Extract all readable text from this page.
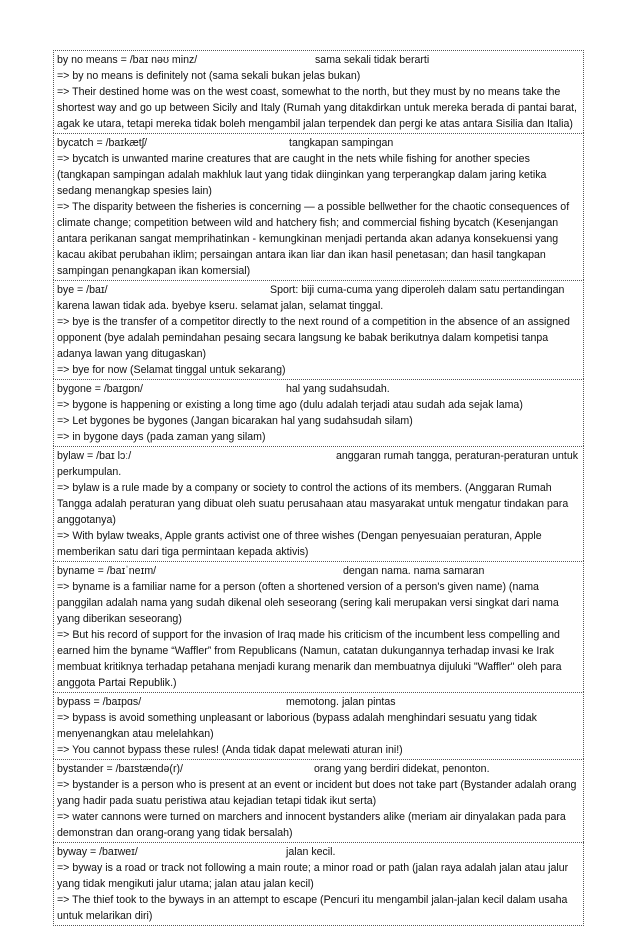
by no means = /baɪ nəʊ minz/	sama sekali tidak berarti

=> by no means is definitely not (sama sekali bukan jelas bukan)

=> Their destined home was on the west coast, somewhat to the north, but they must by no means take the shortest way and go up between Sicily and Italy (Rumah yang ditakdirkan untuk mereka berada di pantai barat, agak ke utara, tetapi mereka tidak boleh mengambil jalan terpendek dan pergi ke atas antara Sisilia dan Italia)

bycatch = /baɪkætʃ/	tangkapan sampingan

=> bycatch is unwanted marine creatures that are caught in the nets while fishing for another species (tangkapan sampingan adalah makhluk laut yang tidak diinginkan yang terperangkap dalam jaring ketika sedang menangkap spesies lain)

=> The disparity between the fisheries is concerning — a possible bellwether for the chaotic consequences of climate change; competition between wild and hatchery fish; and commercial fishing bycatch (Kesenjangan antara perikanan sangat memprihatinkan - kemungkinan menjadi pertanda akan adanya konsekuensi yang kacau akibat perubahan iklim; persaingan antara ikan liar dan ikan hasil penetasan; dan hasil tangkapan sampingan penangkapan ikan komersial)

bye = /baɪ/	Sport: biji cuma-cuma yang diperoleh dalam satu pertandingan karena lawan tidak ada. byebye kseru. selamat jalan, selamat tinggal.

=> bye is the transfer of a competitor directly to the next round of a competition in the absence of an assigned opponent (bye adalah pemindahan pesaing secara langsung ke babak berikutnya dalam kompetisi tanpa adanya lawan yang ditugaskan)

=> bye for now (Selamat tinggal untuk sekarang)

bygone = /baɪgɒn/	hal yang sudahsudah.

=> bygone is happening or existing a long time ago (dulu adalah terjadi atau sudah ada sejak lama)

=> Let bygones be bygones (Jangan bicarakan hal yang sudahsudah silam)

=> in bygone days (pada zaman yang silam)

bylaw = /baɪ lɔː/	anggaran rumah tangga, peraturan-peraturan untuk perkumpulan.

=> bylaw is a rule made by a company or society to control the actions of its members. (Anggaran Rumah Tangga adalah peraturan yang dibuat oleh suatu perusahaan atau masyarakat untuk mengatur tindakan para anggotanya)

=> With bylaw tweaks, Apple grants activist one of three wishes (Dengan penyesuaian peraturan, Apple memberikan satu dari tiga permintaan kepada aktivis)

byname = /baɪˈneɪm/	dengan nama. nama samaran

=> byname is a familiar name for a person (often a shortened version of a person's given name) (nama panggilan adalah nama yang sudah dikenal oleh seseorang (sering kali merupakan versi singkat dari nama yang diberikan seseorang)

=> But his record of support for the invasion of Iraq made his criticism of the incumbent less compelling and earned him the byname “Waffler” from Republicans (Namun, catatan dukungannya terhadap invasi ke Irak membuat kritiknya terhadap petahana menjadi kurang menarik dan membuatnya dijuluki "Waffler" oleh para anggota Partai Republik.)

bypass = /baɪpɑs/	memotong. jalan pintas

=> bypass is avoid something unpleasant or laborious (bypass adalah menghindari sesuatu yang tidak menyenangkan atau melelahkan)

=> You cannot bypass these rules! (Anda tidak dapat melewati aturan ini!)

bystander = /baɪstændə(r)/	orang yang berdiri didekat, penonton.

=> bystander is a person who is present at an event or incident but does not take part (Bystander adalah orang yang hadir pada suatu peristiwa atau kejadian tetapi tidak ikut serta)

=> water cannons were turned on marchers and innocent bystanders alike (meriam air dinyalakan pada para demonstran dan orang-orang yang tidak bersalah)

byway = /baɪweɪ/	jalan kecil.

=> byway is a road or track not following a main route; a minor road or path (jalan raya adalah jalan atau jalur yang tidak mengikuti jalur utama; jalan atau jalan kecil)

=> The thief took to the byways in an attempt to escape (Pencuri itu mengambil jalan-jalan kecil dalam usaha untuk melarikan diri)
